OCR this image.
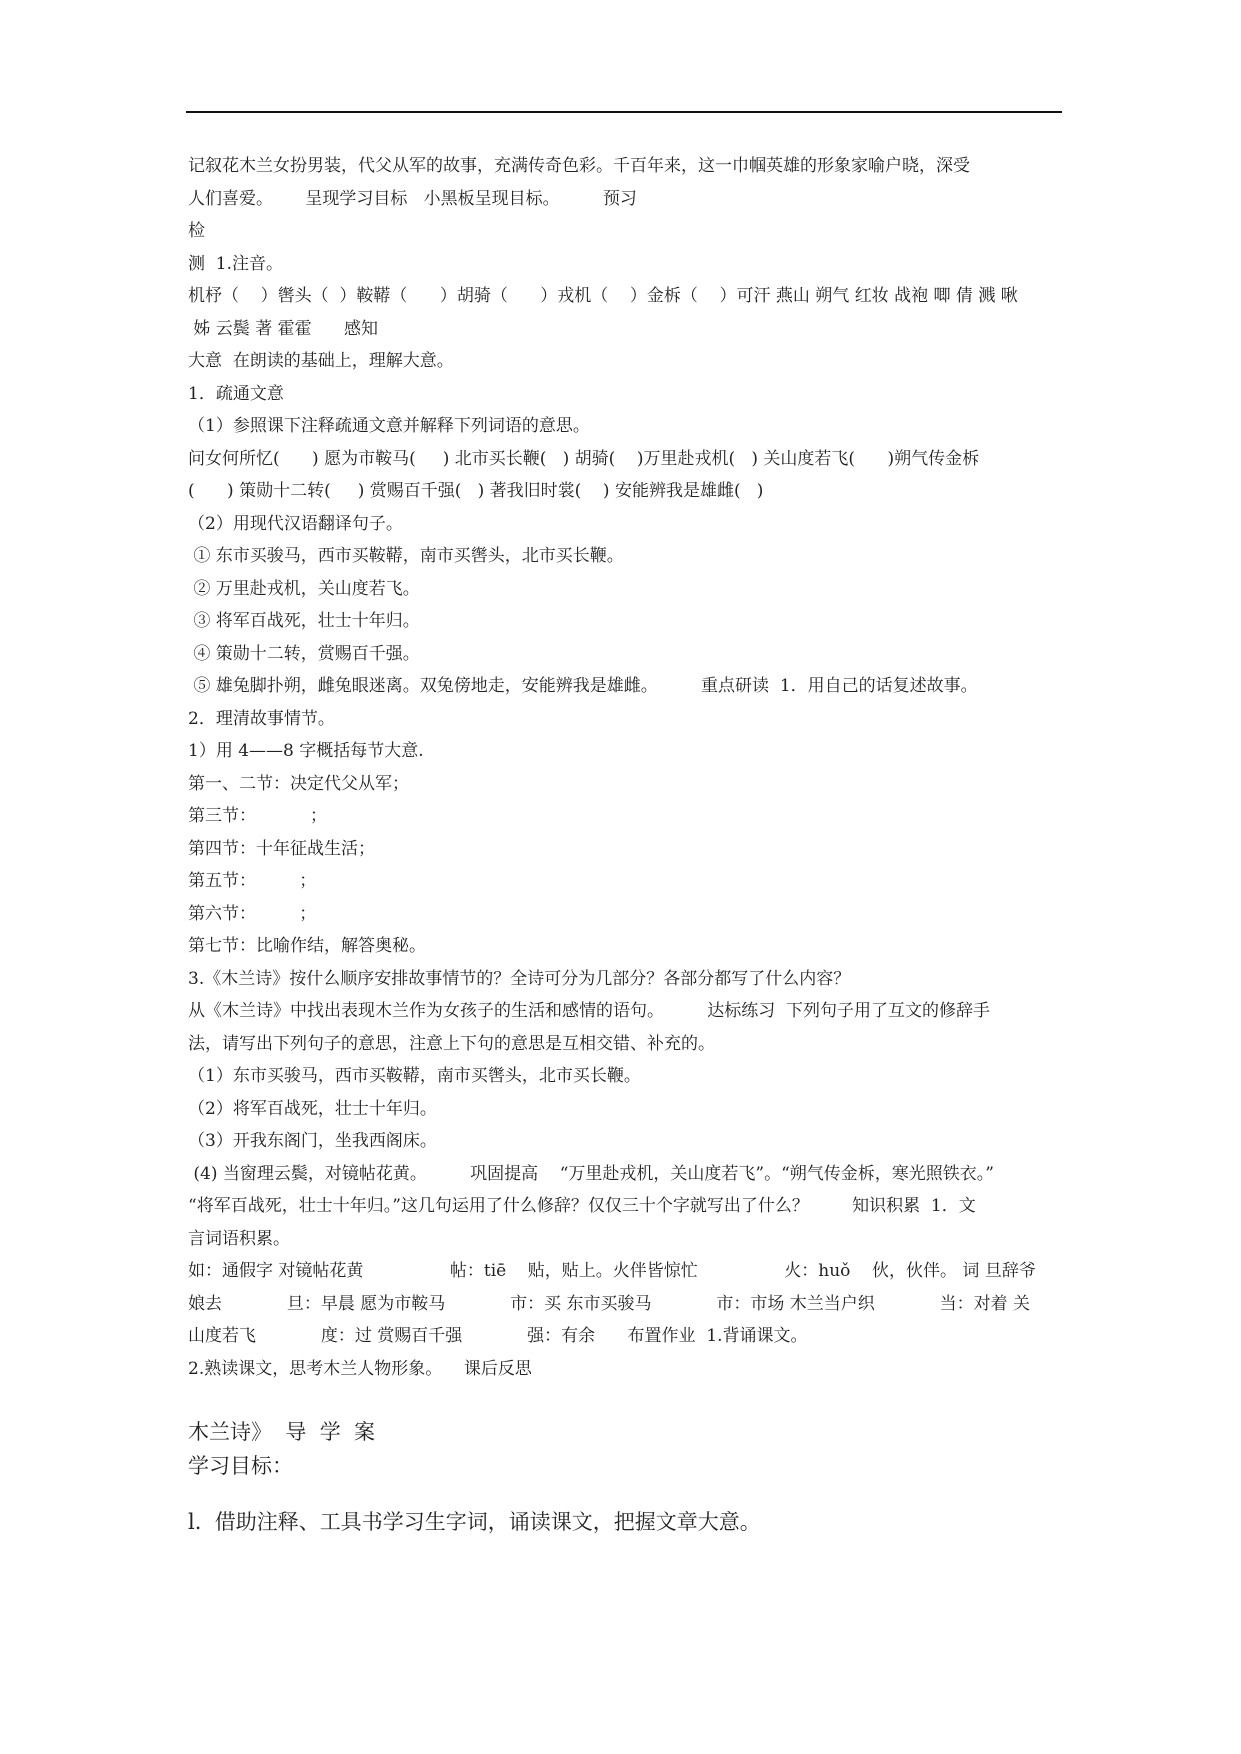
记叙花木兰女扮男装，代父从军的故事，充满传奇色彩。千百年来，这一巾帼英雄的形象家喻户晓，深受

人们喜爱。      呈现学习目标   小黑板呈现目标。        预习

检

测  1.注音。

机杼（    ）辔头（  ）鞍鞯（      ）胡骑（      ）戎机（    ）金柝（    ）可汗 燕山 朔气 红妆 战袍 唧 倩 溅 啾

姊 云鬓 著 霍霍      感知

大意  在朗读的基础上，理解大意。

1．疏通文意

（1）参照课下注释疏通文意并解释下列词语的意思。

问女何所忆(      ) 愿为市鞍马(     ) 北市买长鞭(   ) 胡骑(    )万里赴戎机(   ) 关山度若飞(      )朔气传金柝

(      ) 策勋十二转(     ) 赏赐百千强(   ) 著我旧时裳(    ) 安能辨我是雄雌(   )

（2）用现代汉语翻译句子。

① 东市买骏马，西市买鞍鞯，南市买辔头，北市买长鞭。

② 万里赴戎机，关山度若飞。

③ 将军百战死，壮士十年归。

④ 策勋十二转，赏赐百千强。

⑤ 雄兔脚扑朔，雌兔眼迷离。双兔傍地走，安能辨我是雄雌。        重点研读  1．用自己的话复述故事。

2．理清故事情节。

1）用 4——8 字概括每节大意.

第一、二节：决定代父从军；

第三节：          ；

第四节：十年征战生活；

第五节：        ；

第六节：        ；

第七节：比喻作结，解答奥秘。

3.《木兰诗》按什么顺序安排故事情节的？全诗可分为几部分？各部分都写了什么内容？

从《木兰诗》中找出表现木兰作为女孩子的生活和感情的语句。        达标练习  下列句子用了互文的修辞手

法，请写出下列句子的意思，注意上下句的意思是互相交错、补充的。

（1）东市买骏马，西市买鞍鞯，南市买辔头，北市买长鞭。

（2）将军百战死，壮士十年归。

（3）开我东阁门，坐我西阁床。

(4) 当窗理云鬓，对镜帖花黄。        巩固提高    “万里赴戎机，关山度若飞”。“朔气传金柝，寒光照铁衣。”

“将军百战死，壮士十年归。”这几句运用了什么修辞？仅仅三十个字就写出了什么？        知识积累  1．文

言词语积累。

如：通假字 对镜帖花黄                帖：tiē    贴，贴上。火伴皆惊忙                火：huǒ    伙，伙伴。 词 旦辞爷

娘去            旦：早晨 愿为市鞍马            市：买 东市买骏马            市：市场 木兰当户织            当：对着 关

山度若飞            度：过 赏赐百千强            强：有余      布置作业  1.背诵课文。

2.熟读课文，思考木兰人物形象。    课后反思

木兰诗》  导  学  案

学习目标：

l.  借助注释、工具书学习生字词，诵读课文，把握文章大意。
